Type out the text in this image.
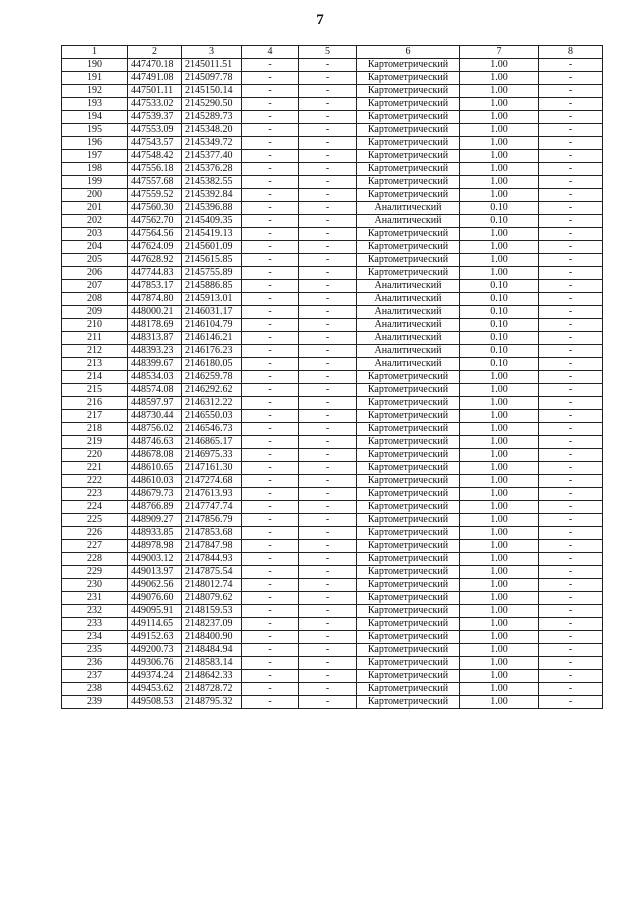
7
1	2	3	4	5	6	7	8
190	447470.18	2145011.51	-	-	Картометрический	1.00	-
191	447491.08	2145097.78	-	-	Картометрический	1.00	-
192	447501.11	2145150.14	-	-	Картометрический	1.00	-
193	447533.02	2145290.50	-	-	Картометрический	1.00	-
194	447539.37	2145289.73	-	-	Картометрический	1.00	-
195	447553.09	2145348.20	-	-	Картометрический	1.00	-
196	447543.57	2145349.72	-	-	Картометрический	1.00	-
197	447548.42	2145377.40	-	-	Картометрический	1.00	-
198	447556.18	2145376.28	-	-	Картометрический	1.00	-
199	447557.68	2145382.55	-	-	Картометрический	1.00	-
200	447559.52	2145392.84	-	-	Картометрический	1.00	-
201	447560.30	2145396.88	-	-	Аналитический	0.10	-
202	447562.70	2145409.35	-	-	Аналитический	0.10	-
203	447564.56	2145419.13	-	-	Картометрический	1.00	-
204	447624.09	2145601.09	-	-	Картометрический	1.00	-
205	447628.92	2145615.85	-	-	Картометрический	1.00	-
206	447744.83	2145755.89	-	-	Картометрический	1.00	-
207	447853.17	2145886.85	-	-	Аналитический	0.10	-
208	447874.80	2145913.01	-	-	Аналитический	0.10	-
209	448000.21	2146031.17	-	-	Аналитический	0.10	-
210	448178.69	2146104.79	-	-	Аналитический	0.10	-
211	448313.87	2146146.21	-	-	Аналитический	0.10	-
212	448393.23	2146176.23	-	-	Аналитический	0.10	-
213	448399.67	2146180.05	-	-	Аналитический	0.10	-
214	448534.03	2146259.78	-	-	Картометрический	1.00	-
215	448574.08	2146292.62	-	-	Картометрический	1.00	-
216	448597.97	2146312.22	-	-	Картометрический	1.00	-
217	448730.44	2146550.03	-	-	Картометрический	1.00	-
218	448756.02	2146546.73	-	-	Картометрический	1.00	-
219	448746.63	2146865.17	-	-	Картометрический	1.00	-
220	448678.08	2146975.33	-	-	Картометрический	1.00	-
221	448610.65	2147161.30	-	-	Картометрический	1.00	-
222	448610.03	2147274.68	-	-	Картометрический	1.00	-
223	448679.73	2147613.93	-	-	Картометрический	1.00	-
224	448766.89	2147747.74	-	-	Картометрический	1.00	-
225	448909.27	2147856.79	-	-	Картометрический	1.00	-
226	448933.85	2147853.68	-	-	Картометрический	1.00	-
227	448978.98	2147847.98	-	-	Картометрический	1.00	-
228	449003.12	2147844.93	-	-	Картометрический	1.00	-
229	449013.97	2147875.54	-	-	Картометрический	1.00	-
230	449062.56	2148012.74	-	-	Картометрический	1.00	-
231	449076.60	2148079.62	-	-	Картометрический	1.00	-
232	449095.91	2148159.53	-	-	Картометрический	1.00	-
233	449114.65	2148237.09	-	-	Картометрический	1.00	-
234	449152.63	2148400.90	-	-	Картометрический	1.00	-
235	449200.73	2148484.94	-	-	Картометрический	1.00	-
236	449306.76	2148583.14	-	-	Картометрический	1.00	-
237	449374.24	2148642.33	-	-	Картометрический	1.00	-
238	449453.62	2148728.72	-	-	Картометрический	1.00	-
239	449508.53	2148795.32	-	-	Картометрический	1.00	-
